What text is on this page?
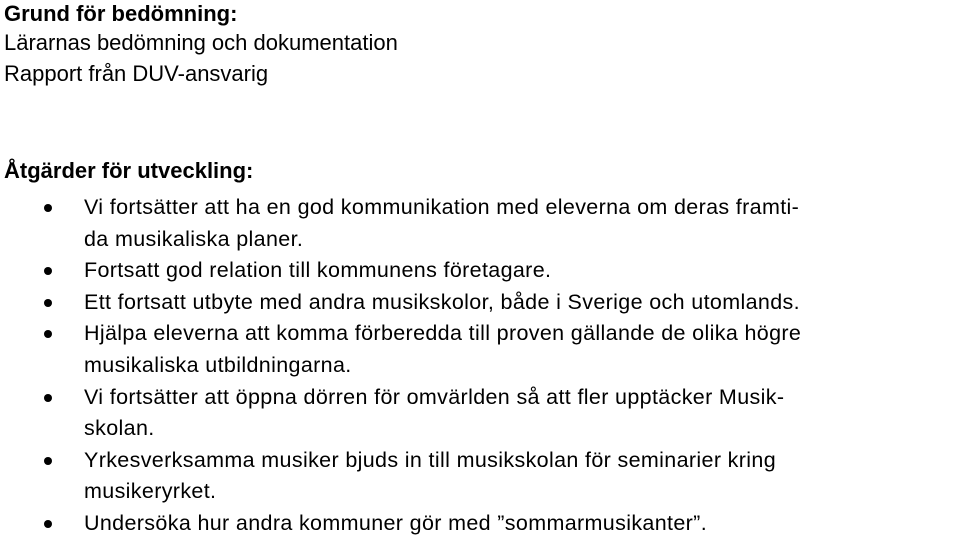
Grund för bedömning:

Lärarnas bedömning och dokumentation

Rapport från DUV-ansvarig

Åtgärder för utveckling:
Vi fortsätter att ha en god kommunikation med eleverna om deras framti-
da musikaliska planer.
Fortsatt god relation till kommunens företagare.
Ett fortsatt utbyte med andra musikskolor, både i Sverige och utomlands.
Hjälpa eleverna att komma förberedda till proven gällande de olika högre
musikaliska utbildningarna.
Vi fortsätter att öppna dörren för omvärlden så att fler upptäcker Musik-
skolan.
Yrkesverksamma musiker bjuds in till musikskolan för seminarier kring
musikeryrket.
Undersöka hur andra kommuner gör med ”sommarmusikanter”.
